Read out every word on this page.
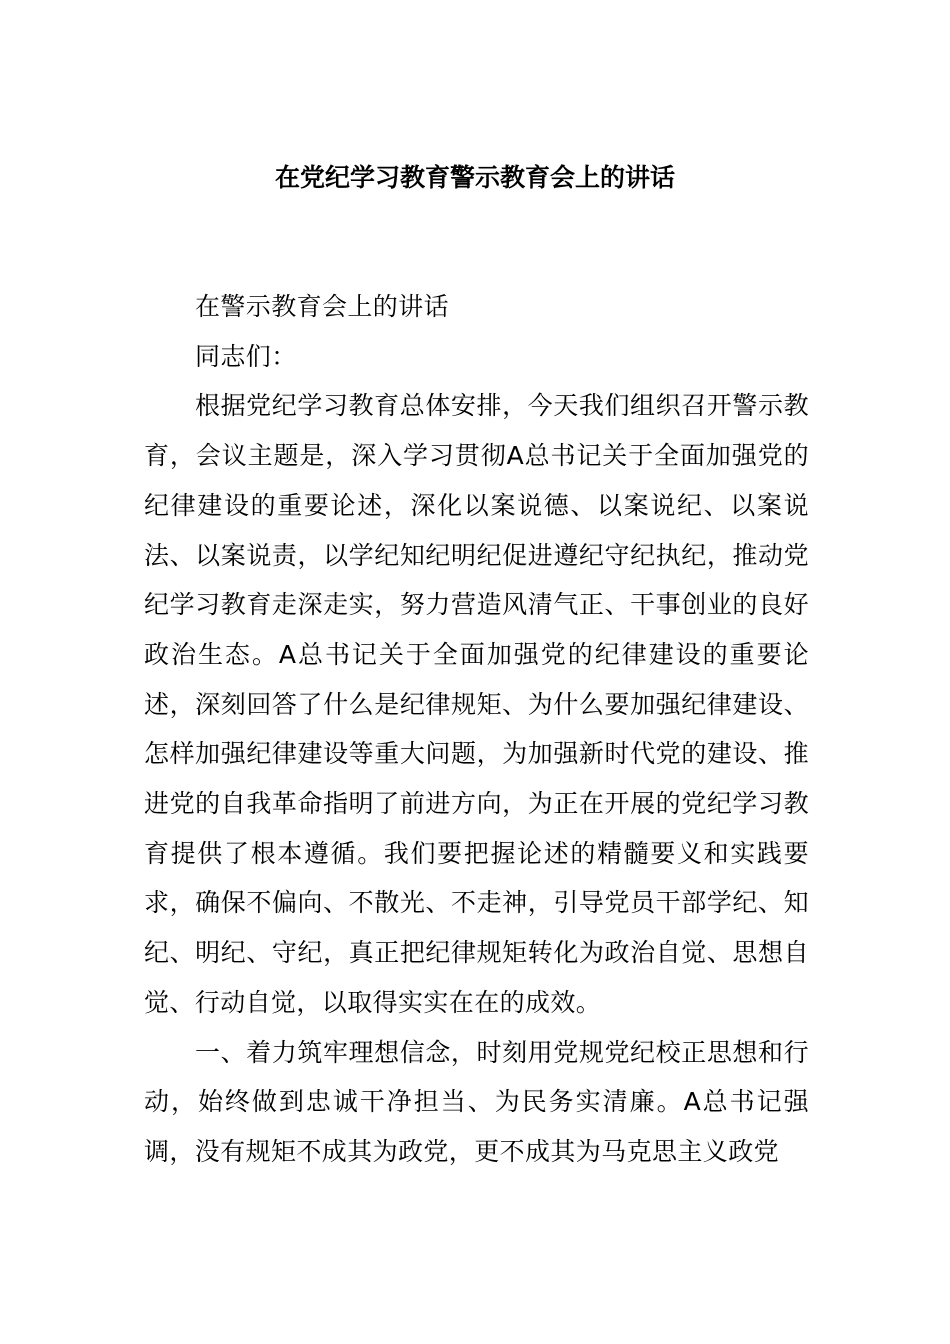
在党纪学习教育警示教育会上的讲话

在警示教育会上的讲话

同志们：

根据党纪学习教育总体安排，今天我们组织召开警示教育，会议主题是，深入学习贯彻A总书记关于全面加强党的纪律建设的重要论述，深化以案说德、以案说纪、以案说法、以案说责，以学纪知纪明纪促进遵纪守纪执纪，推动党纪学习教育走深走实，努力营造风清气正、干事创业的良好政治生态。A总书记关于全面加强党的纪律建设的重要论述，深刻回答了什么是纪律规矩、为什么要加强纪律建设、怎样加强纪律建设等重大问题，为加强新时代党的建设、推进党的自我革命指明了前进方向，为正在开展的党纪学习教育提供了根本遵循。我们要把握论述的精髓要义和实践要求，确保不偏向、不散光、不走神，引导党员干部学纪、知纪、明纪、守纪，真正把纪律规矩转化为政治自觉、思想自觉、行动自觉，以取得实实在在的成效。

一、着力筑牢理想信念，时刻用党规党纪校正思想和行动，始终做到忠诚干净担当、为民务实清廉。A总书记强调，没有规矩不成其为政党，更不成其为马克思主义政党
